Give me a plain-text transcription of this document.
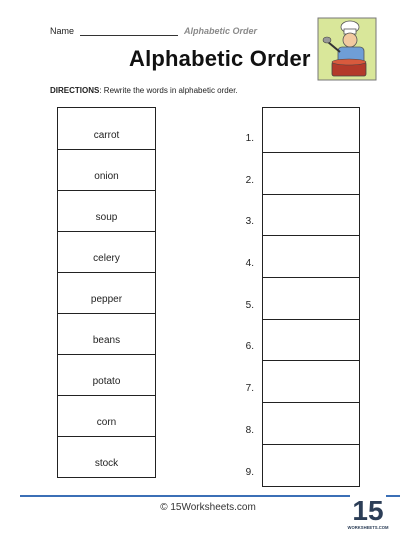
Name	Alphabetic Order
Alphabetic Order
DIRECTIONS: Rewrite the words in alphabetic order.
carrot
onion
soup
celery
pepper
beans
potato
corn
stock
1.
2.
3.
4.
5.
6.
7.
8.
9.
© 15Worksheets.com	15
WORKSHEETS.COM
